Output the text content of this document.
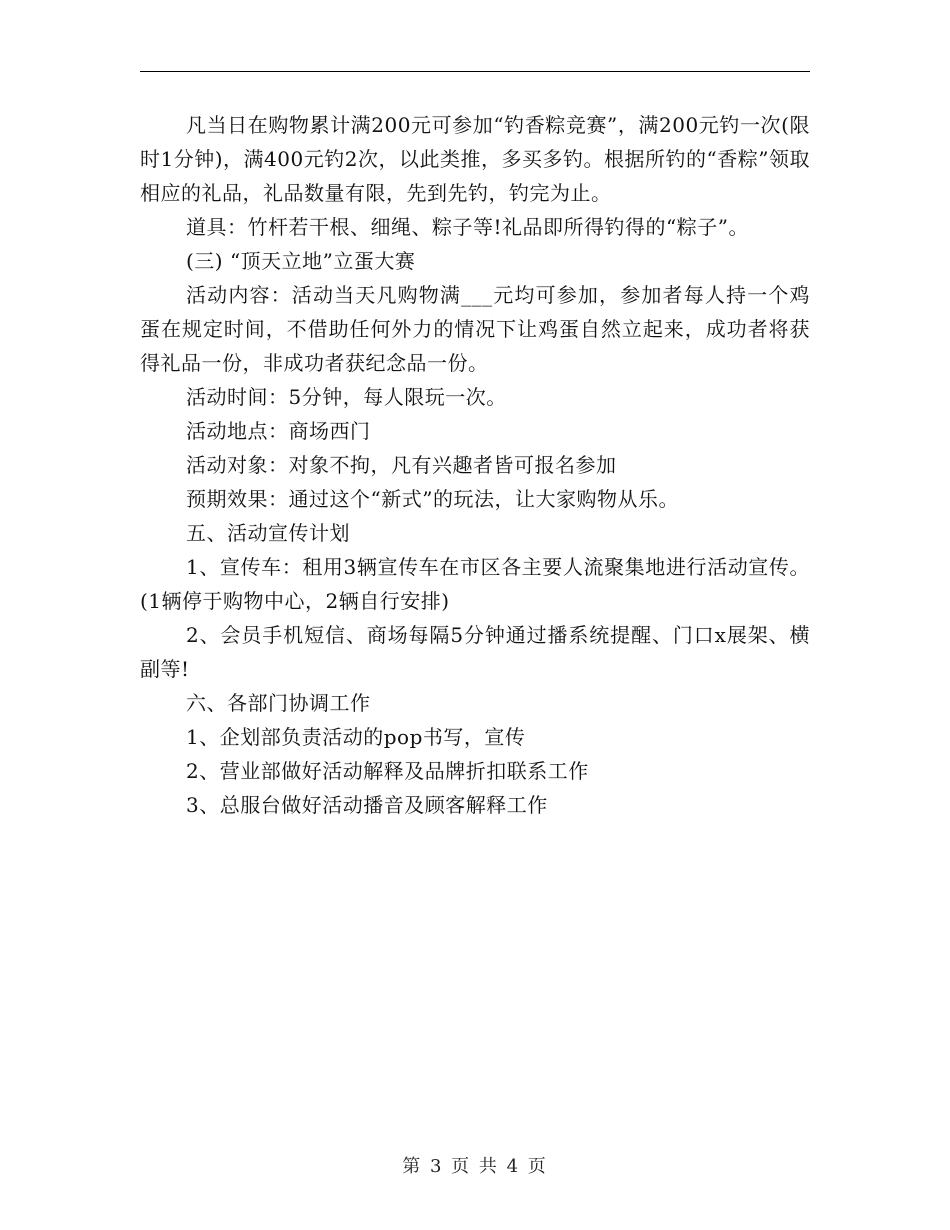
凡当日在购物累计满200元可参加“钓香粽竞赛”，满200元钓一次(限时1分钟)，满400元钓2次，以此类推，多买多钓。根据所钓的“香粽”领取相应的礼品，礼品数量有限，先到先钓，钓完为止。

道具：竹杆若干根、细绳、粽子等!礼品即所得钓得的“粽子”。

(三) “顶天立地”立蛋大赛

活动内容：活动当天凡购物满___元均可参加，参加者每人持一个鸡蛋在规定时间，不借助任何外力的情况下让鸡蛋自然立起来，成功者将获得礼品一份，非成功者获纪念品一份。

活动时间：5分钟，每人限玩一次。

活动地点：商场西门

活动对象：对象不拘，凡有兴趣者皆可报名参加

预期效果：通过这个“新式”的玩法，让大家购物从乐。

五、活动宣传计划

1、宣传车：租用3辆宣传车在市区各主要人流聚集地进行活动宣传。(1辆停于购物中心，2辆自行安排)

2、会员手机短信、商场每隔5分钟通过播系统提醒、门口x展架、横副等!

六、各部门协调工作

1、企划部负责活动的pop书写，宣传

2、营业部做好活动解释及品牌折扣联系工作

3、总服台做好活动播音及顾客解释工作

第 3 页 共 4 页
